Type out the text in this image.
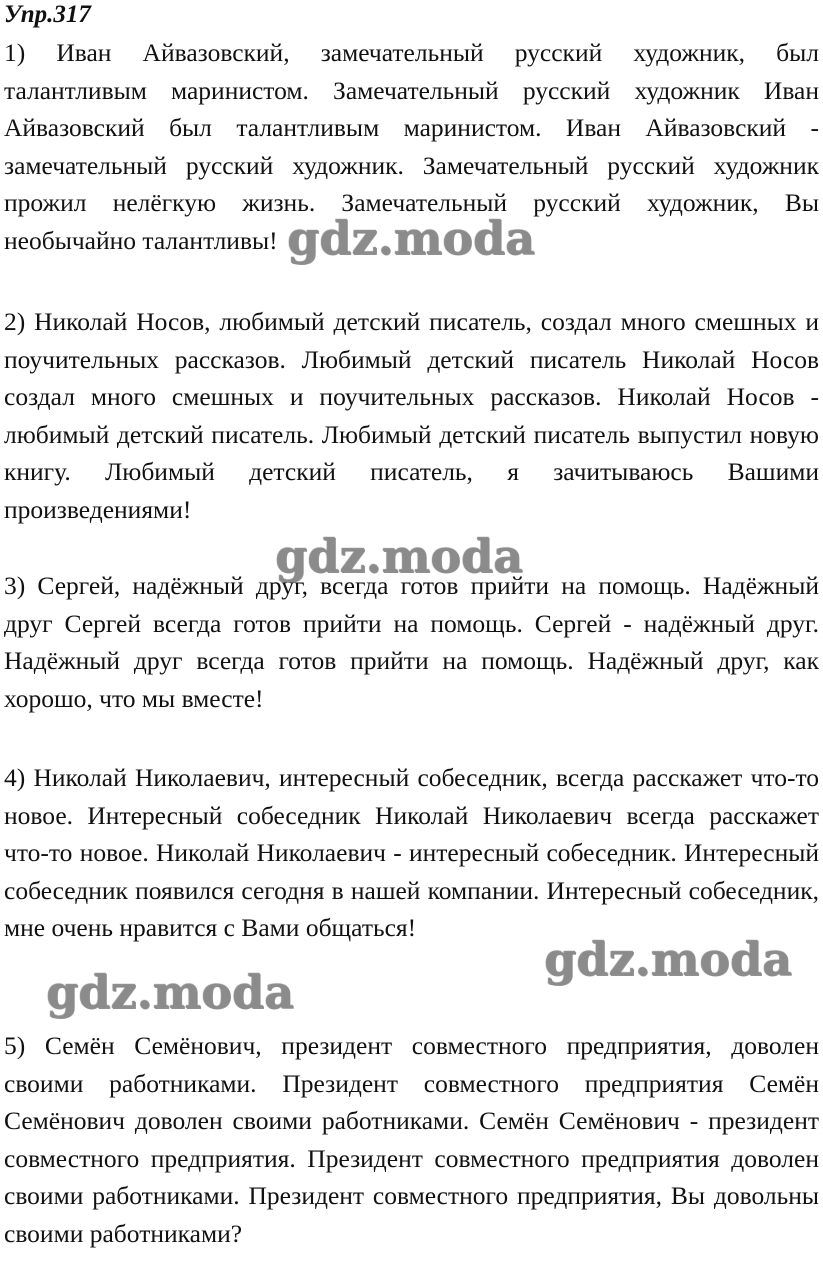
Упр.317

1) Иван Айвазовский, замечательный русский художник, был талантливым маринистом. Замечательный русский художник Иван Айвазовский был талантливым маринистом. Иван Айвазовский - замечательный русский художник. Замечательный русский художник прожил нелёгкую жизнь. Замечательный русский художник, Вы необычайно талантливы!

2) Николай Носов, любимый детский писатель, создал много смешных и поучительных рассказов. Любимый детский писатель Николай Носов создал много смешных и поучительных рассказов. Николай Носов - любимый детский писатель. Любимый детский писатель выпустил новую книгу. Любимый детский писатель, я зачитываюсь Вашими произведениями!

3) Сергей, надёжный друг, всегда готов прийти на помощь. Надёжный друг Сергей всегда готов прийти на помощь. Сергей - надёжный друг. Надёжный друг всегда готов прийти на помощь. Надёжный друг, как хорошо, что мы вместе!

4) Николай Николаевич, интересный собеседник, всегда расскажет что-то новое. Интересный собеседник Николай Николаевич всегда расскажет что-то новое. Николай Николаевич - интересный собеседник. Интересный собеседник появился сегодня в нашей компании. Интересный собеседник, мне очень нравится с Вами общаться!

5) Семён Семёнович, президент совместного предприятия, доволен своими работниками. Президент совместного предприятия Семён Семёнович доволен своими работниками. Семён Семёнович - президент совместного предприятия. Президент совместного предприятия доволен своими работниками. Президент совместного предприятия, Вы довольны своими работниками?

gdz.moda
gdz.moda
gdz.moda
gdz.moda
